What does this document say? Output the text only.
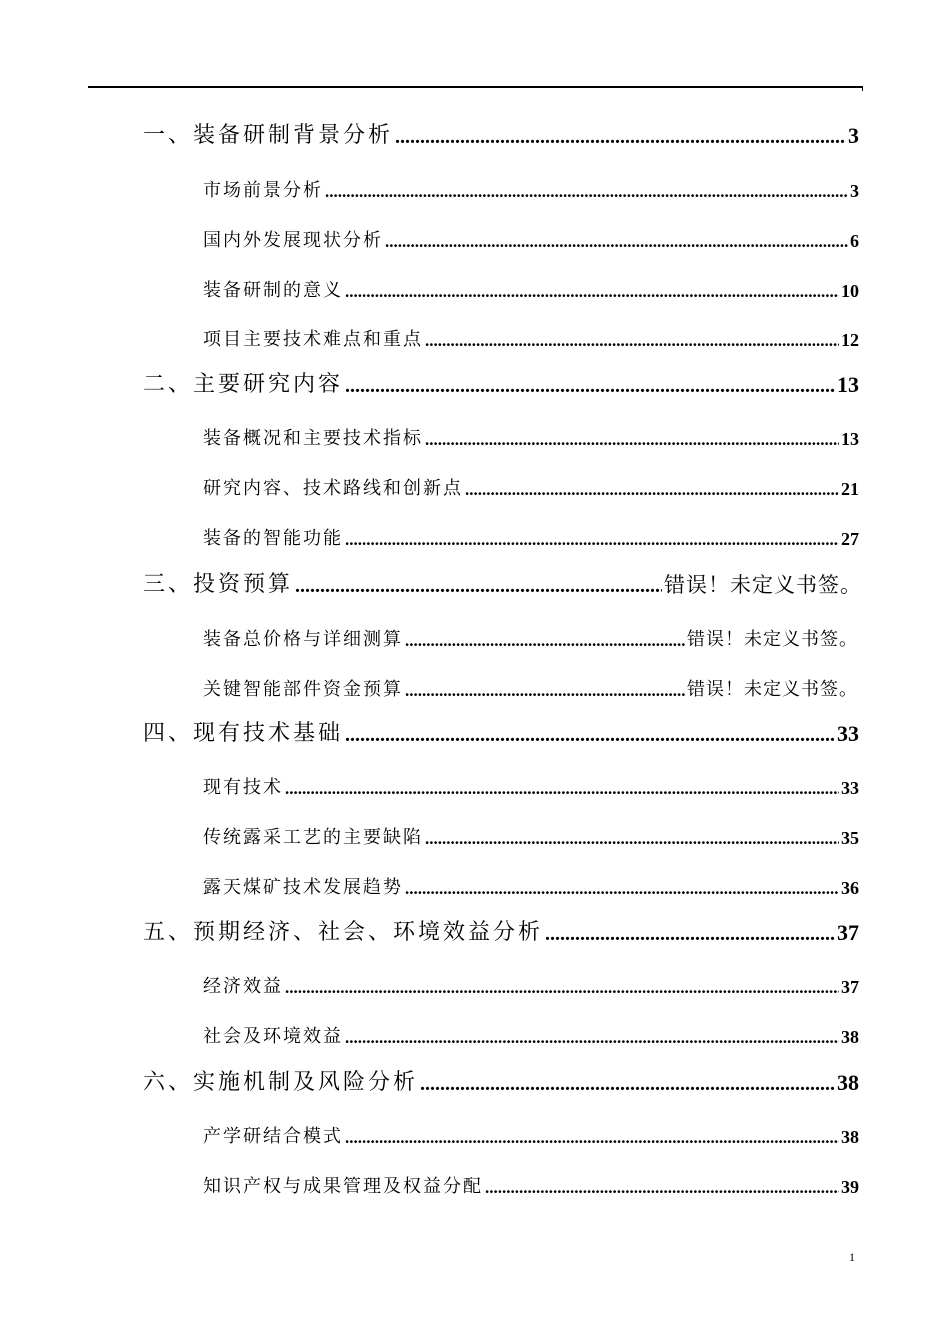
一、装备研制背景分析 .....	3
市场前景分析 .....	3
国内外发展现状分析 .....	6
装备研制的意义 .....	10
项目主要技术难点和重点 .....	12
二、主要研究内容 .....	13
装备概况和主要技术指标 .....	13
研究内容、技术路线和创新点 .....	21
装备的智能功能 .....	27
三、投资预算 .....	错误！未定义书签。
装备总价格与详细测算 .....	错误！未定义书签。
关键智能部件资金预算 .....	错误！未定义书签。
四、现有技术基础 .....	33
现有技术 .....	33
传统露采工艺的主要缺陷 .....	35
露天煤矿技术发展趋势 .....	36
五、预期经济、社会、环境效益分析 .....	37
经济效益 .....	37
社会及环境效益 .....	38
六、实施机制及风险分析 .....	38
产学研结合模式 .....	38
知识产权与成果管理及权益分配 .....	39
1
